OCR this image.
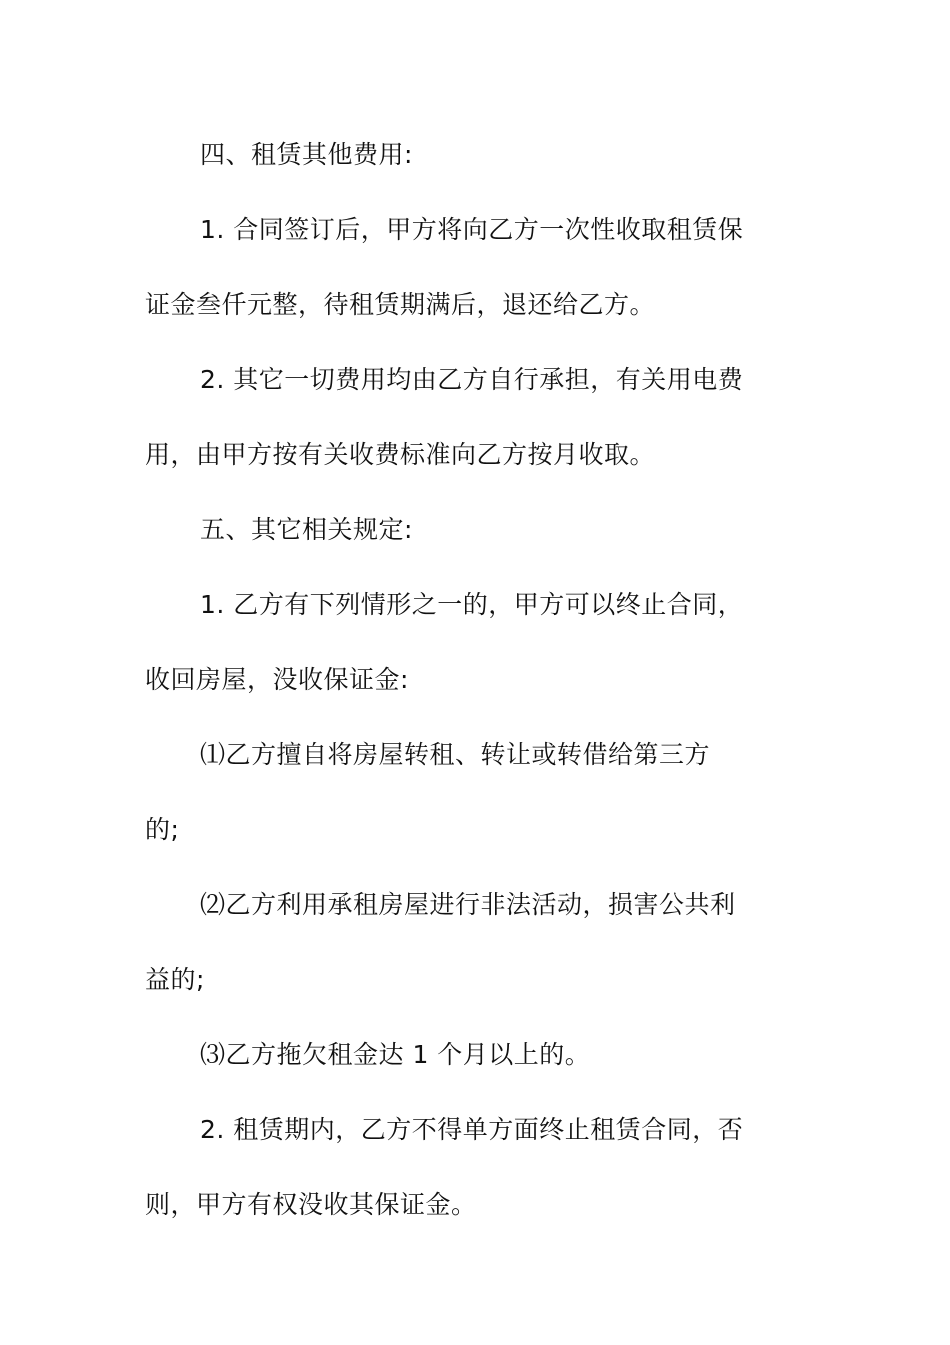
四、租赁其他费用:
1. 合同签订后，甲方将向乙方一次性收取租赁保
证金叁仟元整，待租赁期满后，退还给乙方。
2. 其它一切费用均由乙方自行承担，有关用电费
用，由甲方按有关收费标准向乙方按月收取。
五、其它相关规定:
1. 乙方有下列情形之一的，甲方可以终止合同，
收回房屋，没收保证金:
⑴乙方擅自将房屋转租、转让或转借给第三方
的;
⑵乙方利用承租房屋进行非法活动，损害公共利
益的;
⑶乙方拖欠租金达 1 个月以上的。
2. 租赁期内，乙方不得单方面终止租赁合同，否
则，甲方有权没收其保证金。
